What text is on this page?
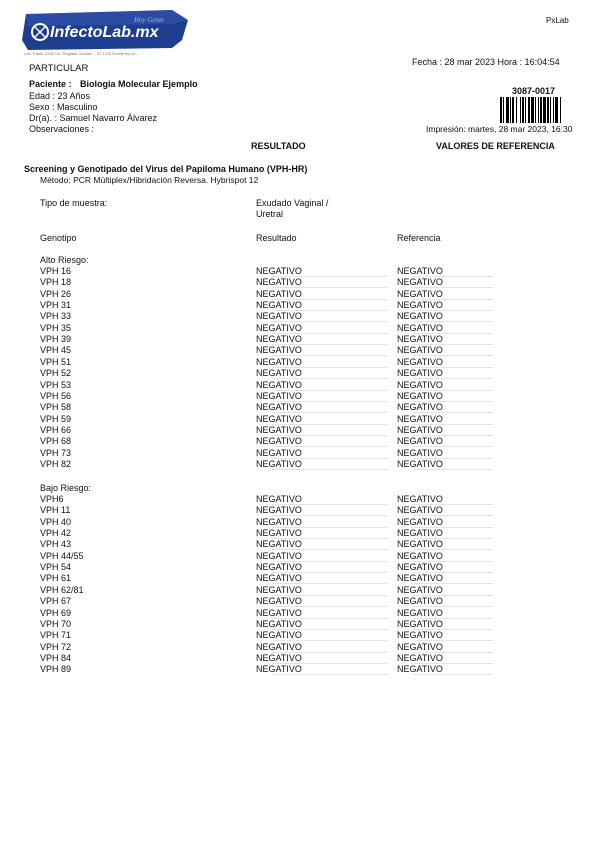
InfectoLab.mx
Hoy Gente
Lab. Pablo 1018 Col. Reglada Ciudad ... 37 1234 Monterrey N.L.
PxLab
PARTICULAR
Fecha : 28 mar 2023 Hora : 16:04:54
Paciente : Biologia Molecular Ejemplo
Edad : 23 Años
Sexo : Masculino
Dr(a). : Samuel Navarro Álvarez
Observaciones :
3087-0017
Impresión: martes, 28 mar 2023, 16:30
RESULTADO	VALORES DE REFERENCIA
Screening y Genotipado del Virus del Papiloma Humano (VPH-HR)
Método: PCR Múltiplex/Hibridación Reversa. Hybrispot 12
Tipo de muestra:	Exudado Vaginal /
Uretral
Genotipo	Resultado	Referencia
Alto Riesgo:
VPH 16	NEGATIVO	NEGATIVO
VPH 18	NEGATIVO	NEGATIVO
VPH 26	NEGATIVO	NEGATIVO
VPH 31	NEGATIVO	NEGATIVO
VPH 33	NEGATIVO	NEGATIVO
VPH 35	NEGATIVO	NEGATIVO
VPH 39	NEGATIVO	NEGATIVO
VPH 45	NEGATIVO	NEGATIVO
VPH 51	NEGATIVO	NEGATIVO
VPH 52	NEGATIVO	NEGATIVO
VPH 53	NEGATIVO	NEGATIVO
VPH 56	NEGATIVO	NEGATIVO
VPH 58	NEGATIVO	NEGATIVO
VPH 59	NEGATIVO	NEGATIVO
VPH 66	NEGATIVO	NEGATIVO
VPH 68	NEGATIVO	NEGATIVO
VPH 73	NEGATIVO	NEGATIVO
VPH 82	NEGATIVO	NEGATIVO
Bajo Riesgo:
VPH6	NEGATIVO	NEGATIVO
VPH 11	NEGATIVO	NEGATIVO
VPH 40	NEGATIVO	NEGATIVO
VPH 42	NEGATIVO	NEGATIVO
VPH 43	NEGATIVO	NEGATIVO
VPH 44/55	NEGATIVO	NEGATIVO
VPH 54	NEGATIVO	NEGATIVO
VPH 61	NEGATIVO	NEGATIVO
VPH 62/81	NEGATIVO	NEGATIVO
VPH 67	NEGATIVO	NEGATIVO
VPH 69	NEGATIVO	NEGATIVO
VPH 70	NEGATIVO	NEGATIVO
VPH 71	NEGATIVO	NEGATIVO
VPH 72	NEGATIVO	NEGATIVO
VPH 84	NEGATIVO	NEGATIVO
VPH 89	NEGATIVO	NEGATIVO
